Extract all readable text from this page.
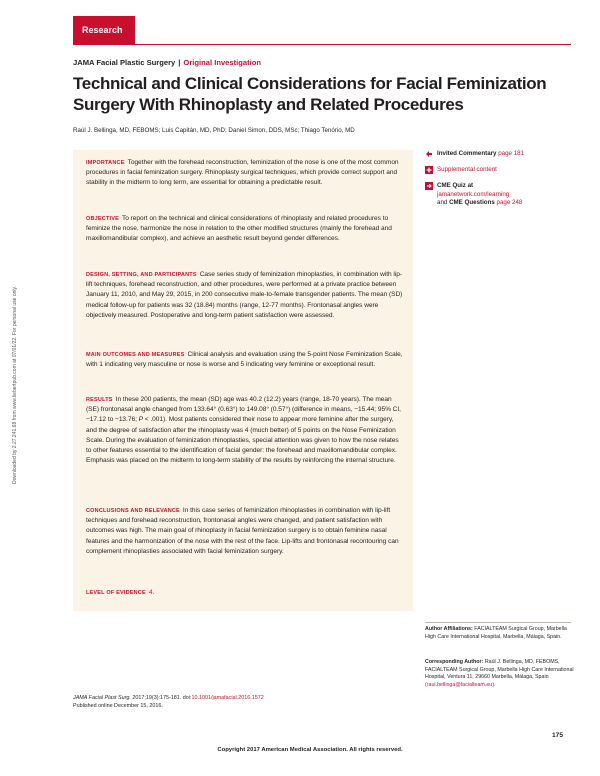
Research
JAMA Facial Plastic Surgery | Original Investigation
Technical and Clinical Considerations for Facial Feminization Surgery With Rhinoplasty and Related Procedures
Raúl J. Bellinga, MD, FEBOMS; Luis Capitán, MD, PhD; Daniel Simon, DDS, MSc; Thiago Tenório, MD
Downloaded by 2.27.241.68 from www.liebertpub.com at 07/01/22. For personal use only.
IMPORTANCE Together with the forehead reconstruction, feminization of the nose is one of the most common procedures in facial feminization surgery. Rhinoplasty surgical techniques, which provide correct support and stability in the midterm to long term, are essential for obtaining a predictable result.
OBJECTIVE To report on the technical and clinical considerations of rhinoplasty and related procedures to feminize the nose, harmonize the nose in relation to the other modified structures (mainly the forehead and maxillomandibular complex), and achieve an aesthetic result beyond gender differences.
DESIGN, SETTING, AND PARTICIPANTS Case series study of feminization rhinoplasties, in combination with lip-lift techniques, forehead reconstruction, and other procedures, were performed at a private practice between January 11, 2010, and May 29, 2015, in 200 consecutive male-to-female transgender patients. The mean (SD) medical follow-up for patients was 32 (18.84) months (range, 12-77 months). Frontonasal angles were objectively measured. Postoperative and long-term patient satisfaction were assessed.
MAIN OUTCOMES AND MEASURES Clinical analysis and evaluation using the 5-point Nose Feminization Scale, with 1 indicating very masculine or nose is worse and 5 indicating very feminine or exceptional result.
RESULTS In these 200 patients, the mean (SD) age was 40.2 (12.2) years (range, 18-70 years). The mean (SE) frontonasal angle changed from 133.64° (0.63°) to 149.08° (0.57°) (difference in means, −15.44; 95% CI, −17.12 to −13.76; P < .001). Most patients considered their nose to appear more feminine after the surgery, and the degree of satisfaction after the rhinoplasty was 4 (much better) of 5 points on the Nose Feminization Scale. During the evaluation of feminization rhinoplasties, special attention was given to how the nose relates to other features essential to the identification of facial gender: the forehead and maxillomandibular complex. Emphasis was placed on the midterm to long-term stability of the results by reinforcing the internal structure.
CONCLUSIONS AND RELEVANCE In this case series of feminization rhinoplasties in combination with lip-lift techniques and forehead reconstruction, frontonasal angles were changed, and patient satisfaction with outcomes was high. The main goal of rhinoplasty in facial feminization surgery is to obtain feminine nasal features and the harmonization of the nose with the rest of the face. Lip-lifts and frontonasal recontouring can complement rhinoplasties associated with facial feminization surgery.
LEVEL OF EVIDENCE 4.
Invited Commentary page 181
Supplemental content
CME Quiz at
jamanetwork.com/learning
and CME Questions page 248
Author Affiliations: FACIALTEAM Surgical Group, Marbella High Care International Hospital, Marbella, Málaga, Spain.
Corresponding Author: Raúl J. Bellinga, MD, FEBOMS, FACIALTEAM Surgical Group, Marbella High Care International Hospital, Ventura 11, 29660 Marbella, Málaga, Spain (raul.bellinga@facialteam.eu).
JAMA Facial Plast Surg. 2017;19(3):175-181. doi:10.1001/jamafacial.2016.1572
Published online December 15, 2016.
Copyright 2017 American Medical Association. All rights reserved.
175
